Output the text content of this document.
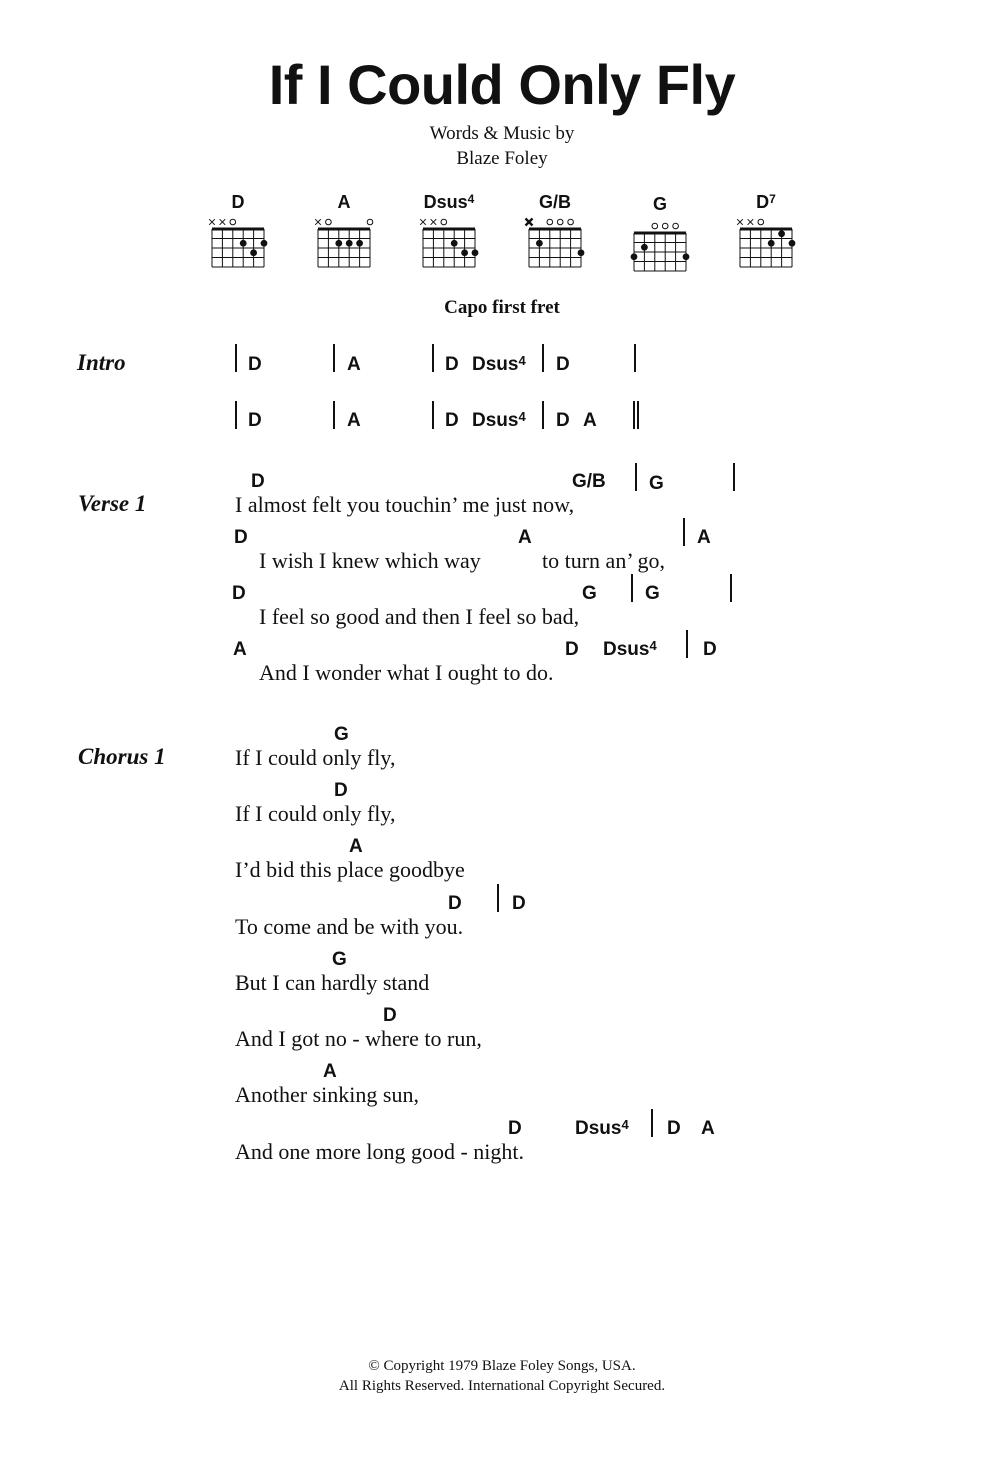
If I Could Only Fly
Words & Music by
Blaze Foley
D	A	Dsus$^4$	G/B	G	$D^7$
Capo first fret
Intro	D	A	D Dsus$^4$ D
D	A	D Dsus$^4$ D A
Verse 1
D	G/B G
I almost felt you touchin’ me just now,
D	A	A
I wish I knew which way	to turn an’ go,
D	G	G
I feel so good and then I feel so bad,
A	D Dsus$^4$ D
And I wonder what I ought to do.
Chorus 1
G
If I could only fly,
D
If I could only fly,
A
I’d bid this place goodbye
D	D
To come and be with you.
G
But I can hardly stand
D
And I got no - where to run,
A
Another sinking sun,
D	Dsus$^4$ D A
And one more long good - night.
© Copyright 1979 Blaze Foley Songs, USA.
All Rights Reserved. International Copyright Secured.
